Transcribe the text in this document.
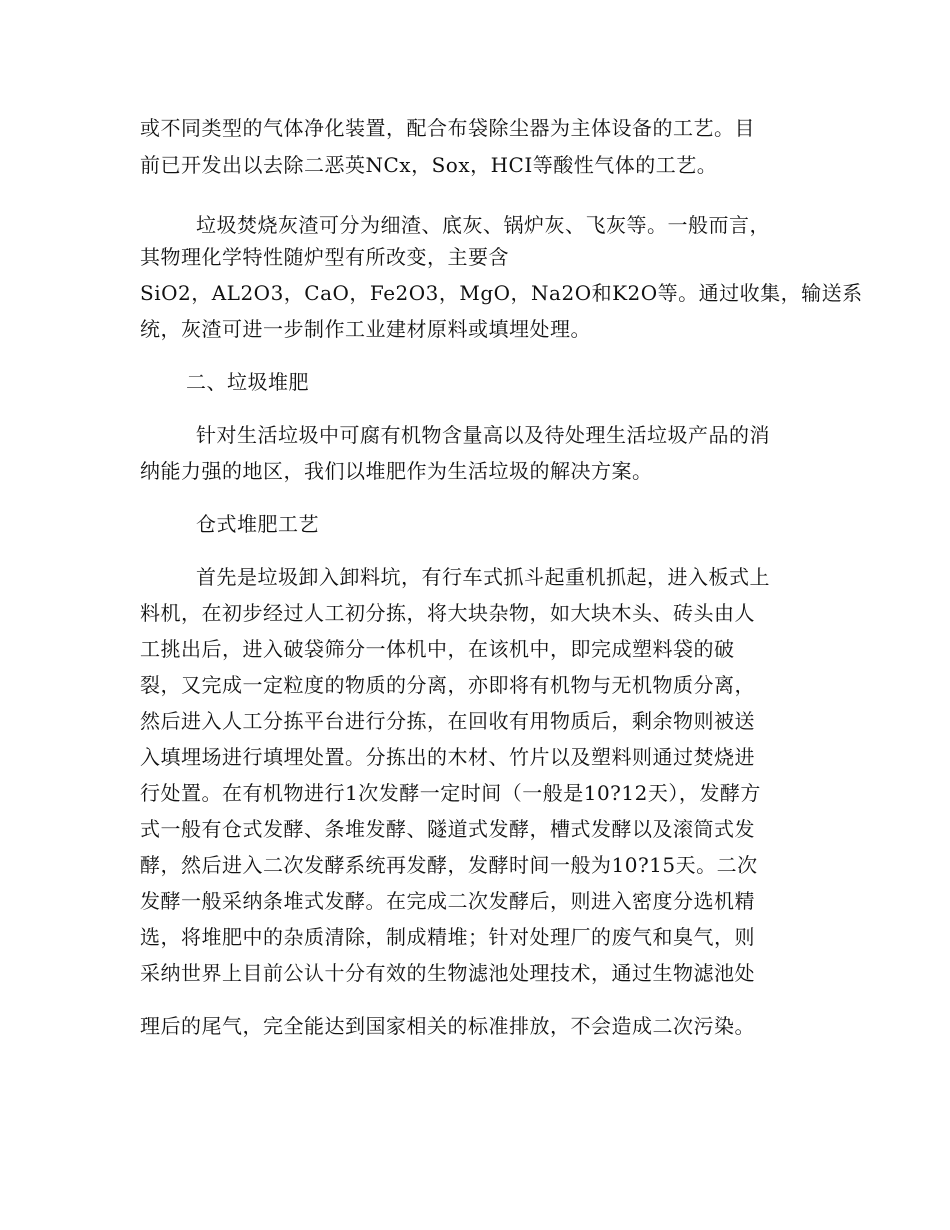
或不同类型的气体净化装置，配合布袋除尘器为主体设备的工艺。目
前已开发出以去除二恶英NCx，Sox，HCI等酸性气体的工艺。
垃圾焚烧灰渣可分为细渣、底灰、锅炉灰、飞灰等。一般而言，
其物理化学特性随炉型有所改变，主要含
SiO2，AL2O3，CaO，Fe2O3，MgO，Na2O和K2O等。通过收集，输送系
统，灰渣可进一步制作工业建材原料或填埋处理。
二、垃圾堆肥
针对生活垃圾中可腐有机物含量高以及待处理生活垃圾产品的消
纳能力强的地区，我们以堆肥作为生活垃圾的解决方案。
仓式堆肥工艺
首先是垃圾卸入卸料坑，有行车式抓斗起重机抓起，进入板式上
料机，在初步经过人工初分拣，将大块杂物，如大块木头、砖头由人
工挑出后，进入破袋筛分一体机中，在该机中，即完成塑料袋的破
裂，又完成一定粒度的物质的分离，亦即将有机物与无机物质分离，
然后进入人工分拣平台进行分拣，在回收有用物质后，剩余物则被送
入填埋场进行填埋处置。分拣出的木材、竹片以及塑料则通过焚烧进
行处置。在有机物进行1次发酵一定时间（一般是10?12天），发酵方
式一般有仓式发酵、条堆发酵、隧道式发酵，槽式发酵以及滚筒式发
酵，然后进入二次发酵系统再发酵，发酵时间一般为10?15天。二次
发酵一般采纳条堆式发酵。在完成二次发酵后，则进入密度分选机精
选，将堆肥中的杂质清除，制成精堆；针对处理厂的废气和臭气，则
采纳世界上目前公认十分有效的生物滤池处理技术，通过生物滤池处
理后的尾气，完全能达到国家相关的标准排放，不会造成二次污染。
